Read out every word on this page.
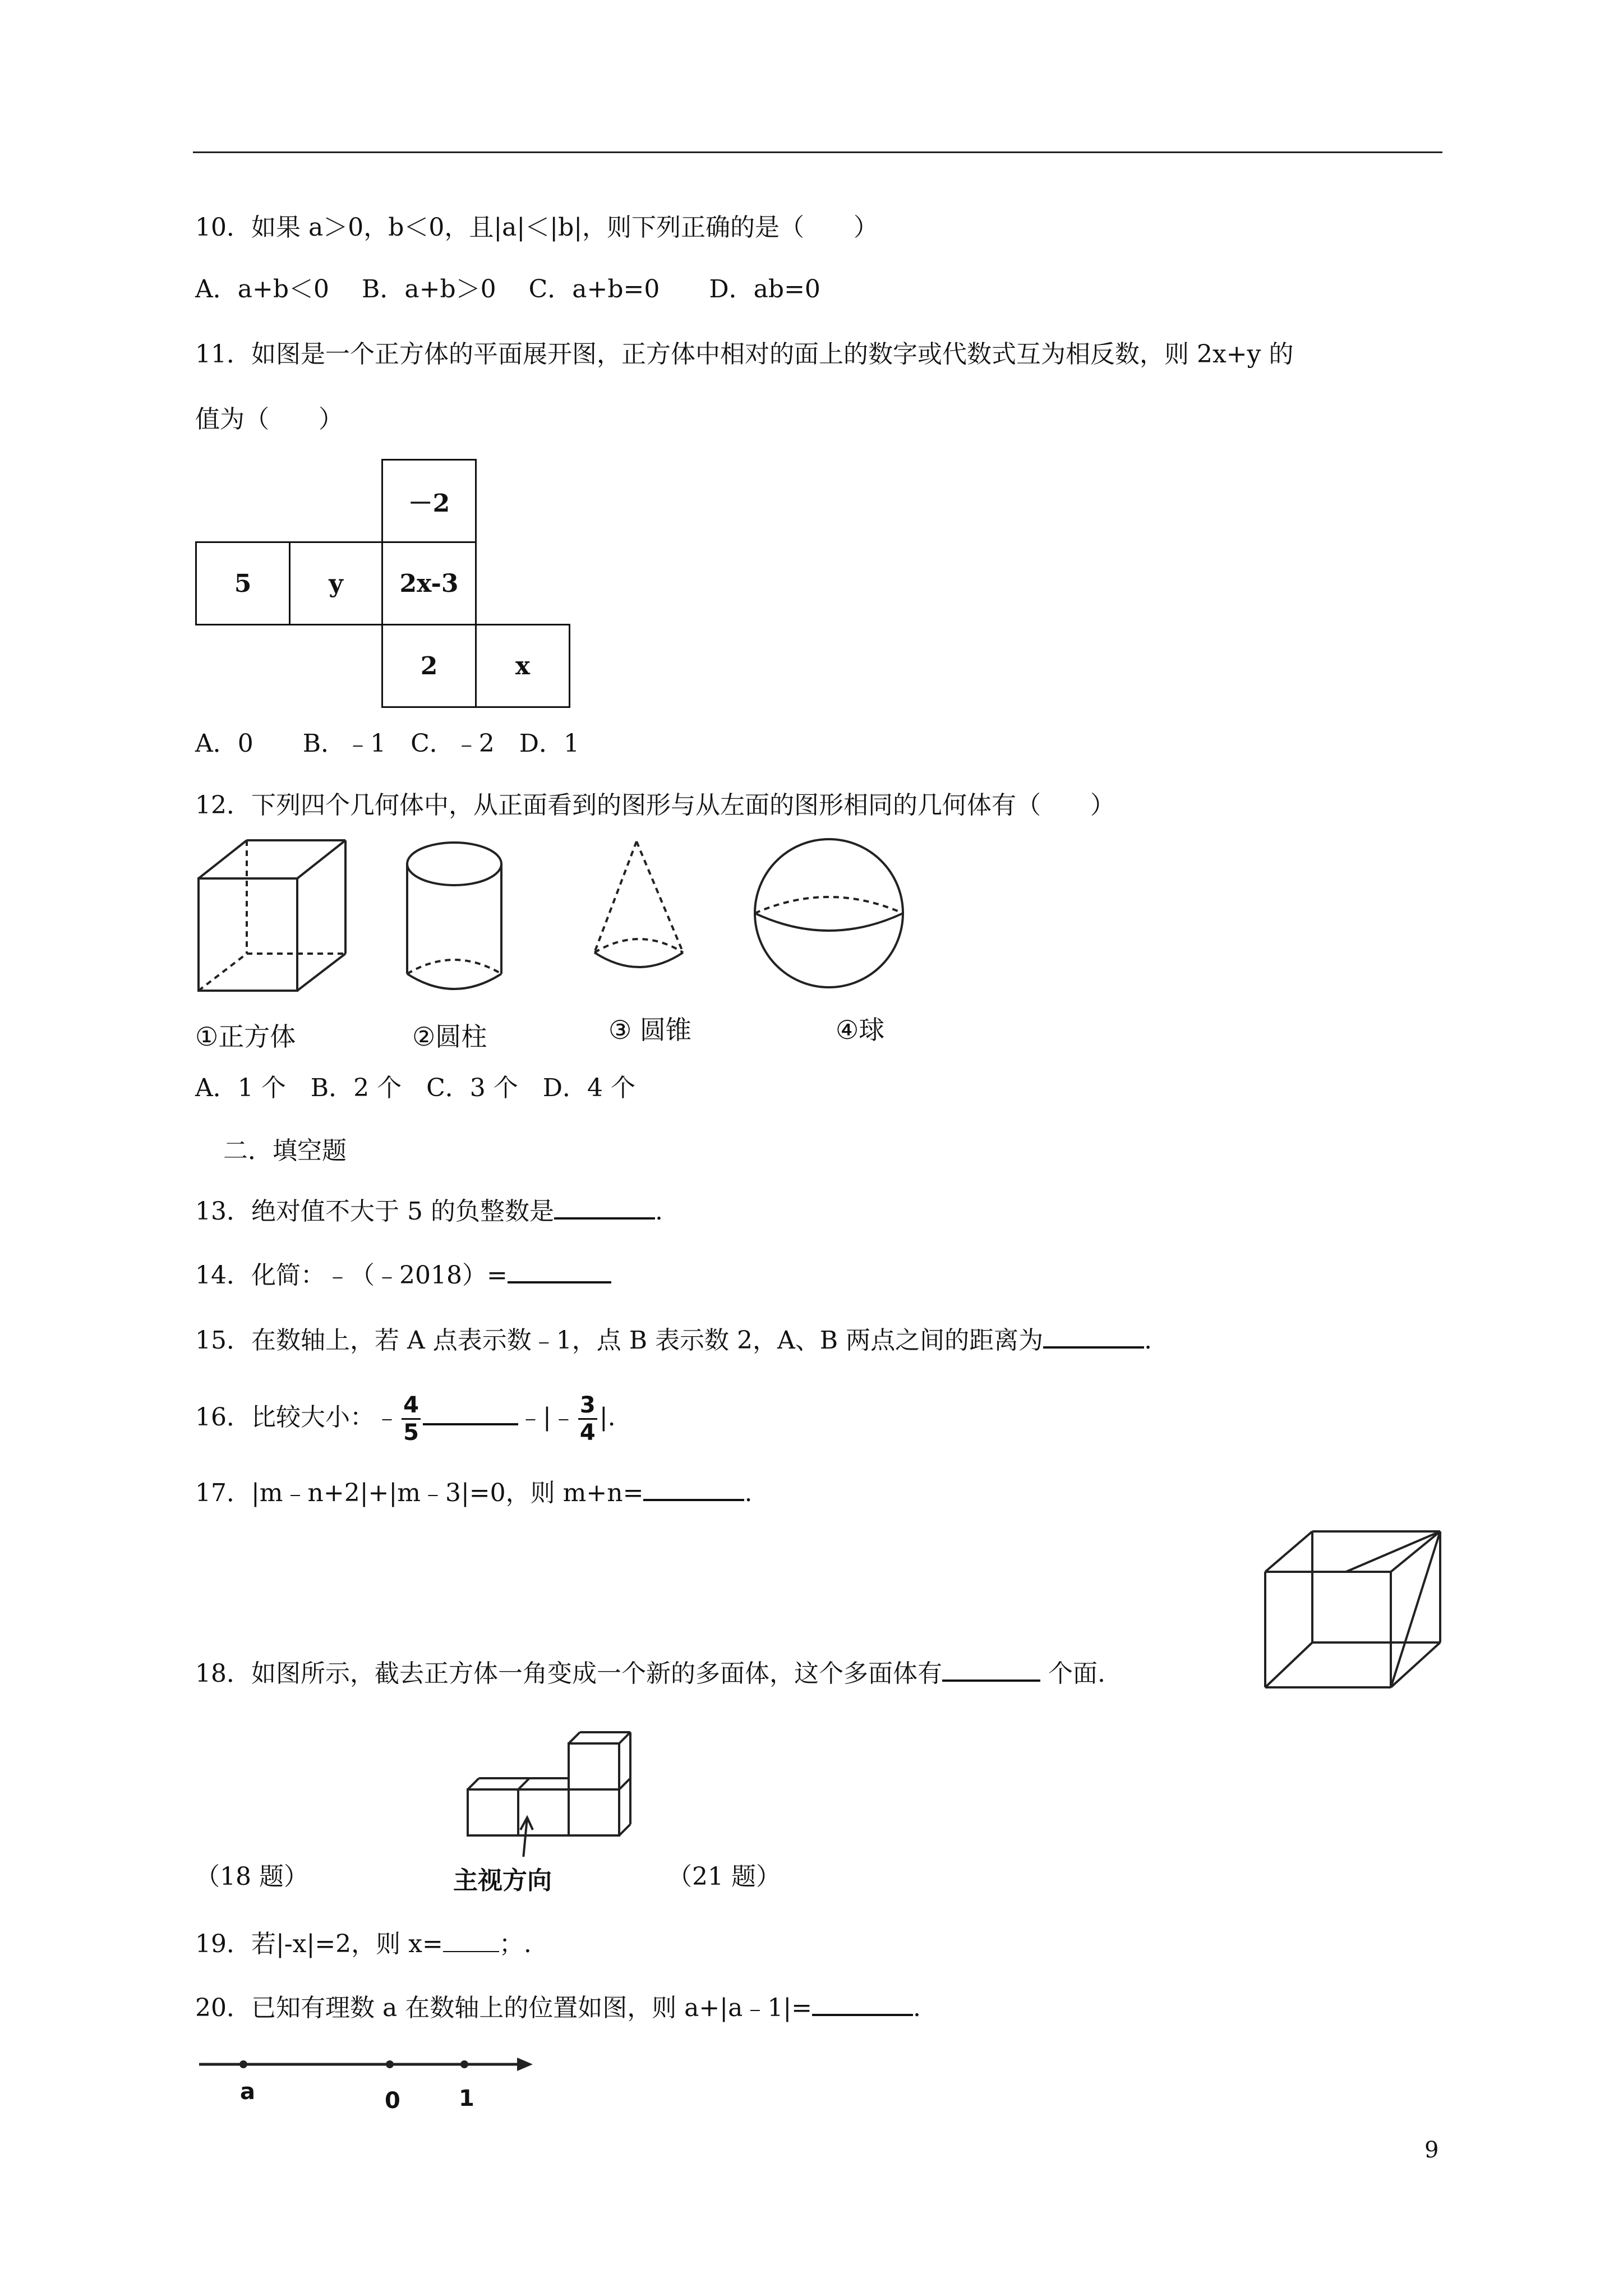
10．如果 a＞0，b＜0，且|a|＜|b|，则下列正确的是（　　）
A．a+b＜0　 B．a+b＞0　 C．a+b=0　　D．ab=0
11．如图是一个正方体的平面展开图，正方体中相对的面上的数字或代数式互为相反数，则 2x+y 的
值为（　　）
－2
5	y	2x-3
2	x
A．0　　B．﹣1　C．﹣2　D．1
12．下列四个几何体中，从正面看到的图形与从左面的图形相同的几何体有（　　）
①正方体	②圆柱	③ 圆锥	④球
A．1 个　B．2 个　C．3 个　D．4 个
二．填空题
13．绝对值不大于 5 的负整数是	.
14．化简：﹣（﹣2018）=
15．在数轴上，若 A 点表示数﹣1，点 B 表示数 2，A、B 两点之间的距离为	.
16．比较大小：﹣ $\frac{4}{5}$	﹣|﹣ $\frac{3}{4}$ |.
17．|m﹣n+2|+|m﹣3|=0，则 m+n=	.
18．如图所示，截去正方体一角变成一个新的多面体，这个多面体有	个面.
主视方向
（18 题）	（21 题）
19．若|-x|=2，则 x= ；.
20．已知有理数 a 在数轴上的位置如图，则 a+|a﹣1|=	.
a	0	1
9
